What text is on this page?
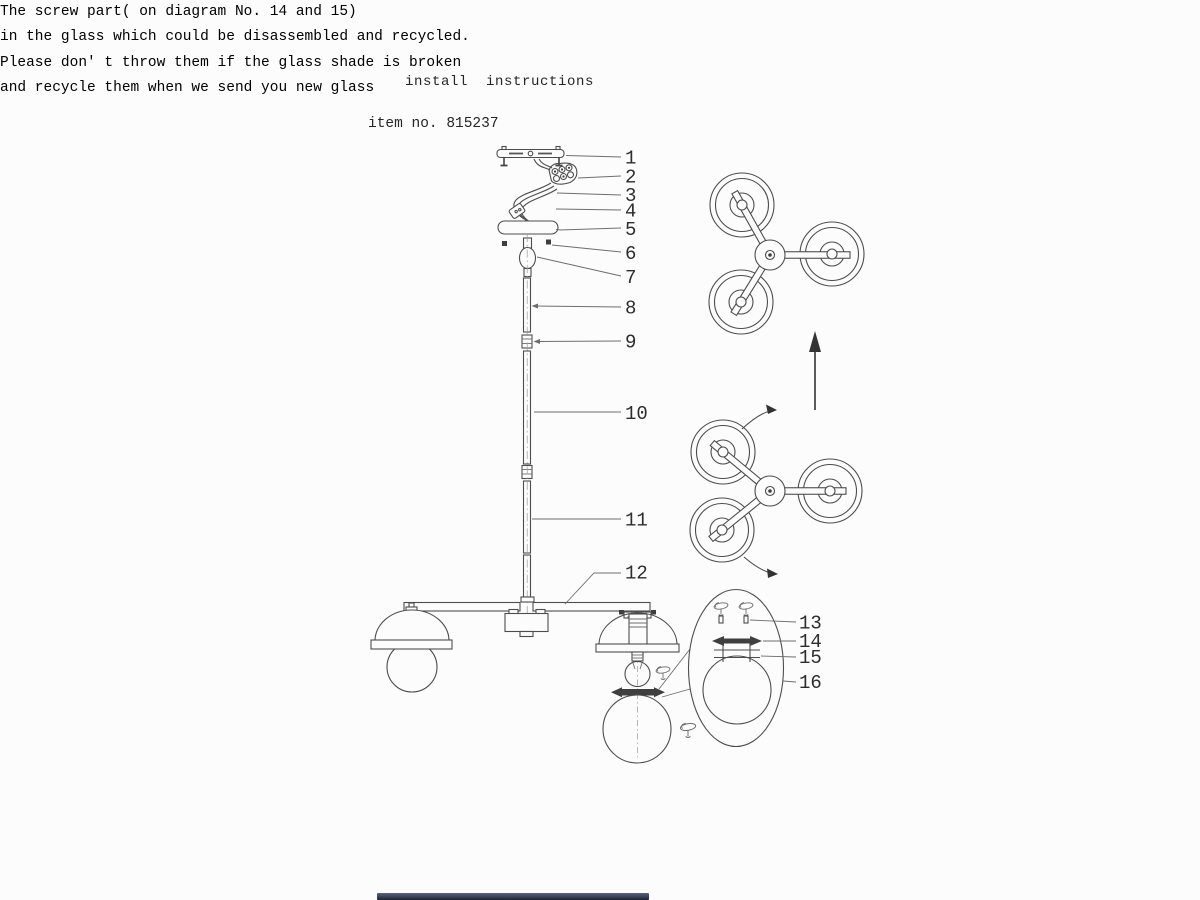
install  instructions
item no. 815237
1
2
3
4
5
6
7
8
9
10
11
12
13
14
15
16
The screw part( on diagram No. 14 and 15)
in the glass which could be disassembled and recycled.
Please don' t throw them if the glass shade is broken
and recycle them when we send you new glass
